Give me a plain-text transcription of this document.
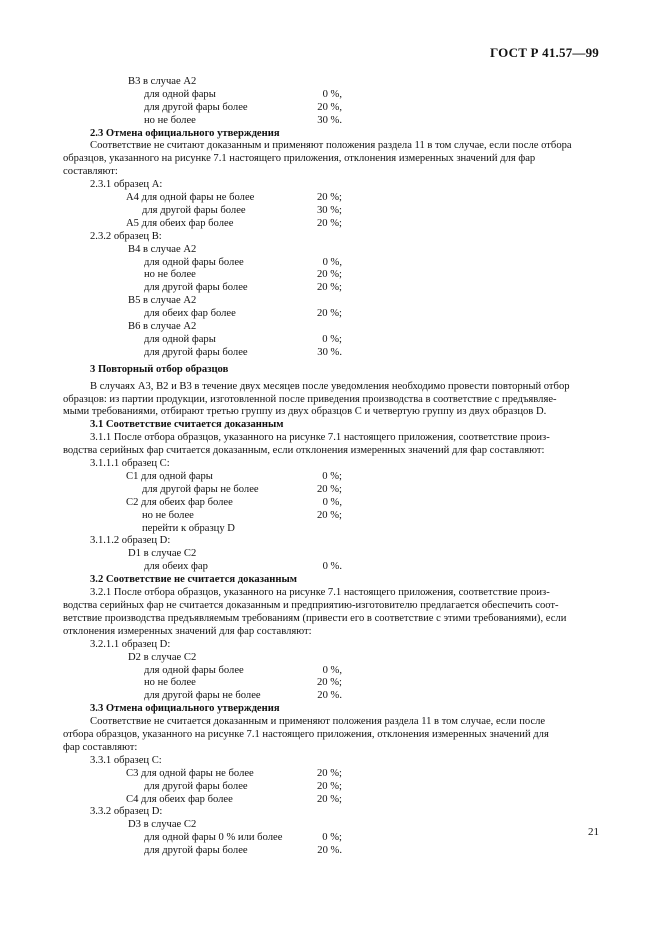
ГОСТ Р 41.57—99
В3 в случае А2
для одной фары	0 %,
для другой фары более	20 %,
но не более	30 %.
2.3 Отмена официального утверждения
Соответствие не считают доказанным и применяют положения раздела 11 в том случае, если после отбора
образцов, указанного на рисунке 7.1 настоящего приложения, отклонения измеренных значений для фар
составляют:
2.3.1 образец А:
А4 для одной фары не более	20 %;
для другой фары более	30 %;
А5 для обеих фар более	20 %;
2.3.2 образец В:
В4 в случае А2
для одной фары более	0 %,
но не более	20 %;
для другой фары более	20 %;
В5 в случае А2
для обеих фар более	20 %;
В6 в случае А2
для одной фары	0 %;
для другой фары более	30 %.
3 Повторный отбор образцов
В случаях А3, В2 и В3 в течение двух месяцев после уведомления необходимо провести повторный отбор
образцов: из партии продукции, изготовленной после приведения производства в соответствие с предъявляе-
мыми требованиями, отбирают третью группу из двух образцов С и четвертую группу из двух образцов D.
3.1 Соответствие считается доказанным
3.1.1 После отбора образцов, указанного на рисунке 7.1 настоящего приложения, соответствие произ-
водства серийных фар считается доказанным, если отклонения измеренных значений для фар составляют:
3.1.1.1 образец С:
С1 для одной фары	0 %;
для другой фары не более	20 %;
С2 для обеих фар более	0 %,
но не более	20 %;
перейти к образцу D
3.1.1.2 образец D:
D1 в случае С2
для обеих фар	0 %.
3.2 Соответствие не считается доказанным
3.2.1 После отбора образцов, указанного на рисунке 7.1 настоящего приложения, соответствие произ-
водства серийных фар не считается доказанным и предприятию-изготовителю предлагается обеспечить соот-
ветствие производства предъявляемым требованиям (привести его в соответствие с этими требованиями), если
отклонения измеренных значений для фар составляют:
3.2.1.1 образец D:
D2 в случае С2
для одной фары более	0 %,
но не более	20 %;
для другой фары не более	20 %.
3.3 Отмена официального утверждения
Соответствие не считается доказанным и применяют положения раздела 11 в том случае, если после
отбора образцов, указанного на рисунке 7.1 настоящего приложения, отклонения измеренных значений для
фар составляют:
3.3.1 образец С:
С3 для одной фары не более	20 %;
для другой фары более	20 %;
С4 для обеих фар более	20 %;
3.3.2 образец D:
D3 в случае С2
для одной фары 0 % или более	0 %;
для другой фары более	20 %.
21
